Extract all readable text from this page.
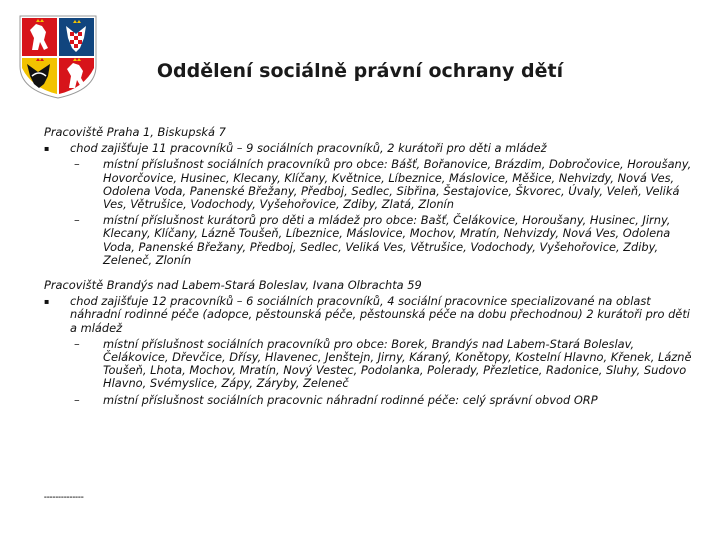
Oddělení sociálně právní ochrany dětí
Pracoviště Praha 1, Biskupská 7
▪ chod zajišťuje 11 pracovníků – 9 sociálních pracovníků, 2 kurátoři pro děti a mládež
– místní příslušnost sociálních pracovníků pro obce: Bášť, Bořanovice, Brázdim, Dobročovice, Horoušany, Hovorčovice, Husinec, Klecany, Klíčany, Květnice, Líbeznice, Máslovice, Měšice, Nehvizdy, Nová Ves, Odolena Voda, Panenské Břežany, Předboj, Sedlec, Sibřina, Šestajovice, Škvorec, Úvaly, Veleň, Veliká Ves, Větrušice, Vodochody, Vyšehořovice, Zdiby, Zlatá, Zlonín
– místní příslušnost kurátorů pro děti a mládež pro obce: Bašť, Čelákovice, Horoušany, Husinec, Jirny, Klecany, Klíčany, Lázně Toušeň, Líbeznice, Máslovice, Mochov, Mratín, Nehvizdy, Nová Ves, Odolena Voda, Panenské Břežany, Předboj, Sedlec, Veliká Ves, Větrušice, Vodochody, Vyšehořovice, Zdiby, Zeleneč, Zlonín
Pracoviště Brandýs nad Labem-Stará Boleslav, Ivana Olbrachta 59
▪ chod zajišťuje 12 pracovníků – 6 sociálních pracovníků, 4 sociální pracovnice specializované na oblast náhradní rodinné péče (adopce, pěstounská péče, pěstounská péče na dobu přechodnou) 2 kurátoři pro děti a mládež
– místní příslušnost sociálních pracovníků pro obce: Borek, Brandýs nad Labem-Stará Boleslav, Čelákovice, Dřevčice, Dřísy, Hlavenec, Jenštejn, Jirny, Káraný, Konětopy, Kostelní Hlavno, Křenek, Lázně Toušeň, Lhota, Mochov, Mratín, Nový Vestec, Podolanka, Polerady, Přezletice, Radonice, Sluhy, Sudovo Hlavno, Svémyslice, Zápy, Záryby, Zeleneč
– místní příslušnost sociálních pracovnic náhradní rodinné péče: celý správní obvod ORP
▬▬▬▬▬▬▬▬▬▬▬▬▬▬
